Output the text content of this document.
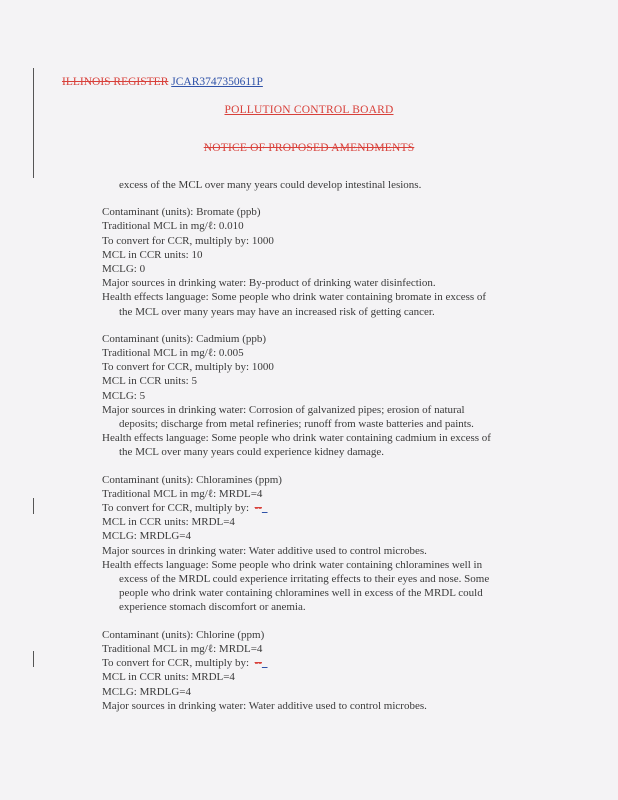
ILLINOIS REGISTER JCAR3747350611P
POLLUTION CONTROL BOARD
NOTICE OF PROPOSED AMENDMENTS
excess of the MCL over many years could develop intestinal lesions.
Contaminant (units): Bromate (ppb)
Traditional MCL in mg/ℓ: 0.010
To convert for CCR, multiply by: 1000
MCL in CCR units: 10
MCLG: 0
Major sources in drinking water: By-product of drinking water disinfection.
Health effects language: Some people who drink water containing bromate in excess of
the MCL over many years may have an increased risk of getting cancer.
Contaminant (units): Cadmium (ppb)
Traditional MCL in mg/ℓ: 0.005
To convert for CCR, multiply by: 1000
MCL in CCR units: 5
MCLG: 5
Major sources in drinking water: Corrosion of galvanized pipes; erosion of natural
deposits; discharge from metal refineries; runoff from waste batteries and paints.
Health effects language: Some people who drink water containing cadmium in excess of
the MCL over many years could experience kidney damage.
Contaminant (units): Chloramines (ppm)
Traditional MCL in mg/ℓ: MRDL=4
To convert for CCR, multiply by:  --_
MCL in CCR units: MRDL=4
MCLG: MRDLG=4
Major sources in drinking water: Water additive used to control microbes.
Health effects language: Some people who drink water containing chloramines well in
excess of the MRDL could experience irritating effects to their eyes and nose. Some
people who drink water containing chloramines well in excess of the MRDL could
experience stomach discomfort or anemia.
Contaminant (units): Chlorine (ppm)
Traditional MCL in mg/ℓ: MRDL=4
To convert for CCR, multiply by:  --_
MCL in CCR units: MRDL=4
MCLG: MRDLG=4
Major sources in drinking water: Water additive used to control microbes.
